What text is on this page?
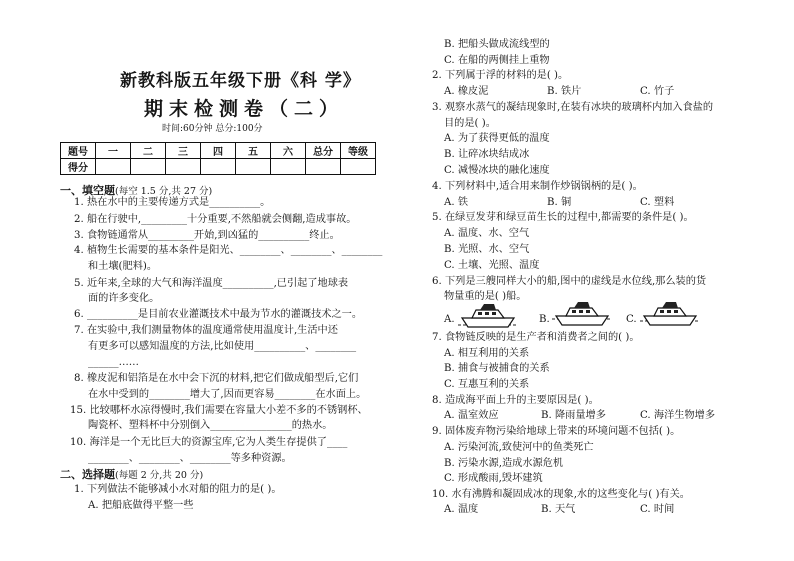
新教科版五年级下册《科 学》
期末检测卷（二）
时间:60分钟 总分:100分
题号	一	二	三	四	五	六	总分	等级
得分								
一、填空题(每空 1.5 分,共 27 分)
1. 热在水中的主要传递方式是__________。
2. 船在行驶中,_________十分重要,不然船就会侧翻,造成事故。
3. 食物链通常从_________开始,到凶猛的__________终止。
4. 植物生长需要的基本条件是阳光、________、________、________
和土壤(肥料)。
5. 近年来,全球的大气和海洋温度__________,已引起了地球表
面的许多变化。
6. __________是目前农业灌溉技术中最为节水的灌溉技术之一。
7. 在实验中,我们测量物体的温度通常使用温度计,生活中还
有更多可以感知温度的方法,比如使用__________、________
______……
8. 橡皮泥和铝箔是在水中会下沉的材料,把它们做成船型后,它们
在水中受到的________增大了,因而更容易________在水面上。
15. 比较哪杯水凉得慢时,我们需要在容量大小差不多的不锈钢杯、
陶瓷杯、塑料杯中分别倒入________________的热水。
10. 海洋是一个无比巨大的资源宝库,它为人类生存提供了____
________、________、________等多种资源。
二、选择题(每题 2 分,共 20 分)
1. 下列做法不能够减小水对船的阻力的是( )。
A. 把船底做得平整一些
B. 把船头做成流线型的
C. 在船的两侧挂上重物
2. 下列属于浮的材料的是( )。
A. 橡皮泥	B. 铁片	C. 竹子
3. 观察水蒸气的凝结现象时,在装有冰块的玻璃杯内加入食盐的
目的是( )。
A. 为了获得更低的温度
B. 让碎冰块结成冰
C. 减慢冰块的融化速度
4. 下列材料中,适合用来制作炒锅锅柄的是( )。
A. 铁	B. 铜	C. 塑料
5. 在绿豆发芽和绿豆苗生长的过程中,都需要的条件是( )。
A. 温度、水、空气
B. 光照、水、空气
C. 土壤、光照、温度
6. 下列是三艘同样大小的船,图中的虚线是水位线,那么装的货
物量重的是( )船。
A.	B.	C.
7. 食物链反映的是生产者和消费者之间的( )。
A. 相互利用的关系
B. 捕食与被捕食的关系
C. 互惠互利的关系
8. 造成海平面上升的主要原因是( )。
A. 温室效应	B. 降雨量增多	C. 海洋生物增多
9. 固体废弃物污染给地球上带来的环境问题不包括( )。
A. 污染河流,致使河中的鱼类死亡
B. 污染水源,造成水源危机
C. 形成酸雨,毁坏建筑
10. 水有沸腾和凝固成冰的现象,水的这些变化与( )有关。
A. 温度	B. 天气	C. 时间
